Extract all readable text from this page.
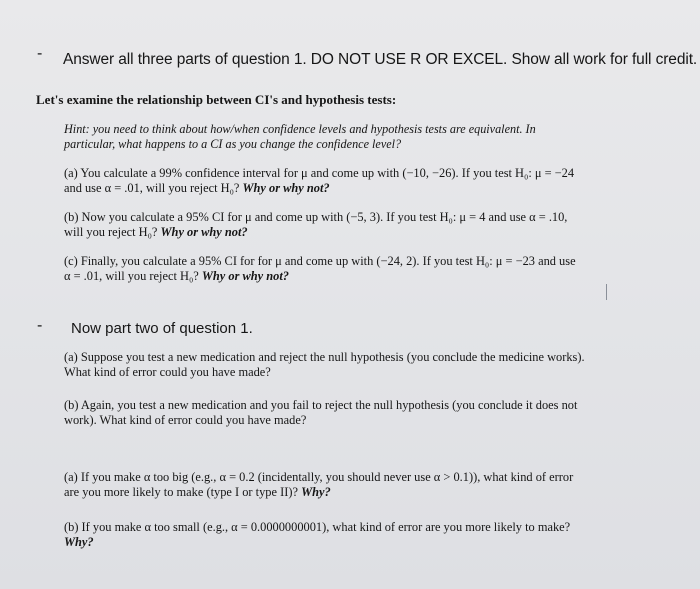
- Answer all three parts of question 1. DO NOT USE R OR EXCEL. Show all work for full credit.
Let's examine the relationship between CI's and hypothesis tests:
Hint: you need to think about how/when confidence levels and hypothesis tests are equivalent. In
particular, what happens to a CI as you change the confidence level?
(a) You calculate a 99% confidence interval for μ and come up with (−10, −26). If you test H₀: μ = −24
and use α = .01, will you reject H₀? Why or why not?
(b) Now you calculate a 95% CI for μ and come up with (−5, 3). If you test H₀: μ = 4 and use α = .10,
will you reject H₀? Why or why not?
(c) Finally, you calculate a 95% CI for for μ and come up with (−24, 2). If you test H₀: μ = −23 and use
α = .01, will you reject H₀? Why or why not?
- Now part two of question 1.
(a) Suppose you test a new medication and reject the null hypothesis (you conclude the medicine works).
What kind of error could you have made?
(b) Again, you test a new medication and you fail to reject the null hypothesis (you conclude it does not
work). What kind of error could you have made?
(a) If you make α too big (e.g., α = 0.2 (incidentally, you should never use α > 0.1)), what kind of error
are you more likely to make (type I or type II)? Why?
(b) If you make α too small (e.g., α = 0.0000000001), what kind of error are you more likely to make?
Why?
